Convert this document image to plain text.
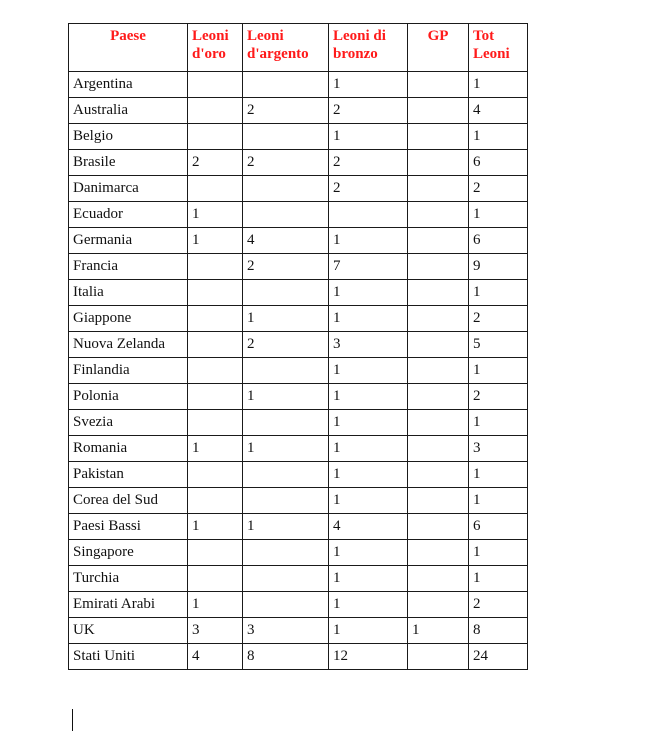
Paese	Leoni d'oro	Leoni d'argento	Leoni di bronzo	GP	Tot Leoni
Argentina			1		1
Australia		2	2		4
Belgio			1		1
Brasile	2	2	2		6
Danimarca			2		2
Ecuador	1				1
Germania	1	4	1		6
Francia		2	7		9
Italia			1		1
Giappone		1	1		2
Nuova Zelanda		2	3		5
Finlandia			1		1
Polonia		1	1		2
Svezia			1		1
Romania	1	1	1		3
Pakistan			1		1
Corea del Sud			1		1
Paesi Bassi	1	1	4		6
Singapore			1		1
Turchia			1		1
Emirati Arabi	1		1		2
UK	3	3	1	1	8
Stati Uniti	4	8	12		24
